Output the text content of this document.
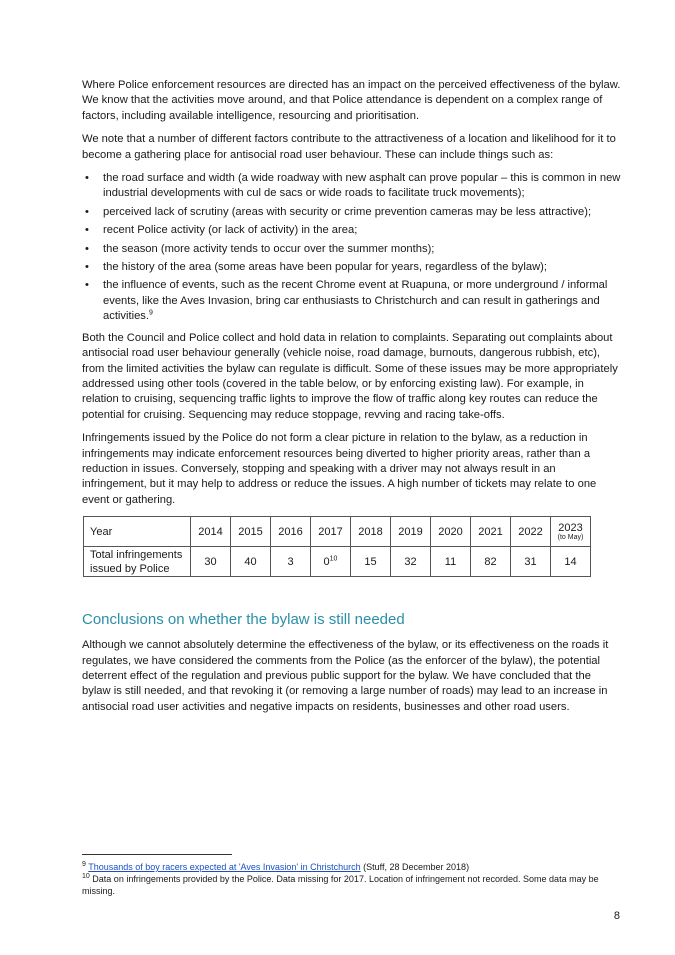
Where Police enforcement resources are directed has an impact on the perceived effectiveness of the bylaw. We know that the activities move around, and that Police attendance is dependent on a complex range of factors, including available intelligence, resourcing and prioritisation.

We note that a number of different factors contribute to the attractiveness of a location and likelihood for it to become a gathering place for antisocial road user behaviour. These can include things such as:

• the road surface and width (a wide roadway with new asphalt can prove popular – this is common in new industrial developments with cul de sacs or wide roads to facilitate truck movements);
• perceived lack of scrutiny (areas with security or crime prevention cameras may be less attractive);
• recent Police activity (or lack of activity) in the area;
• the season (more activity tends to occur over the summer months);
• the history of the area (some areas have been popular for years, regardless of the bylaw);
• the influence of events, such as the recent Chrome event at Ruapuna, or more underground / informal events, like the Aves Invasion, bring car enthusiasts to Christchurch and can result in gatherings and activities.$^9$

Both the Council and Police collect and hold data in relation to complaints. Separating out complaints about antisocial road user behaviour generally (vehicle noise, road damage, burnouts, dangerous rubbish, etc), from the limited activities the bylaw can regulate is difficult. Some of these issues may be more appropriately addressed using other tools (covered in the table below, or by enforcing existing law). For example, in relation to cruising, sequencing traffic lights to improve the flow of traffic along key routes can reduce the potential for cruising. Sequencing may reduce stoppage, revving and racing take-offs.

Infringements issued by the Police do not form a clear picture in relation to the bylaw, as a reduction in infringements may indicate enforcement resources being diverted to higher priority areas, rather than a reduction in issues. Conversely, stopping and speaking with a driver may not always result in an infringement, but it may help to address or reduce the issues. A high number of tickets may relate to one event or gathering.

Year	2014	2015	2016	2017	2018	2019	2020	2021	2022	2023
(to May)

Total infringements issued by Police	30	40	3	$0^{10}$	15	32	11	82	31	14
Conclusions on whether the bylaw is still needed

Although we cannot absolutely determine the effectiveness of the bylaw, or its effectiveness on the roads it regulates, we have considered the comments from the Police (as the enforcer of the bylaw), the potential deterrent effect of the regulation and previous public support for the bylaw. We have concluded that the bylaw is still needed, and that revoking it (or removing a large number of roads) may lead to an increase in antisocial road user activities and negative impacts on residents, businesses and other road users.

$^9$ Thousands of boy racers expected at 'Aves Invasion' in Christchurch (Stuff, 28 December 2018)

$^{10}$ Data on infringements provided by the Police. Data missing for 2017. Location of infringement not recorded. Some data may be missing.

8
